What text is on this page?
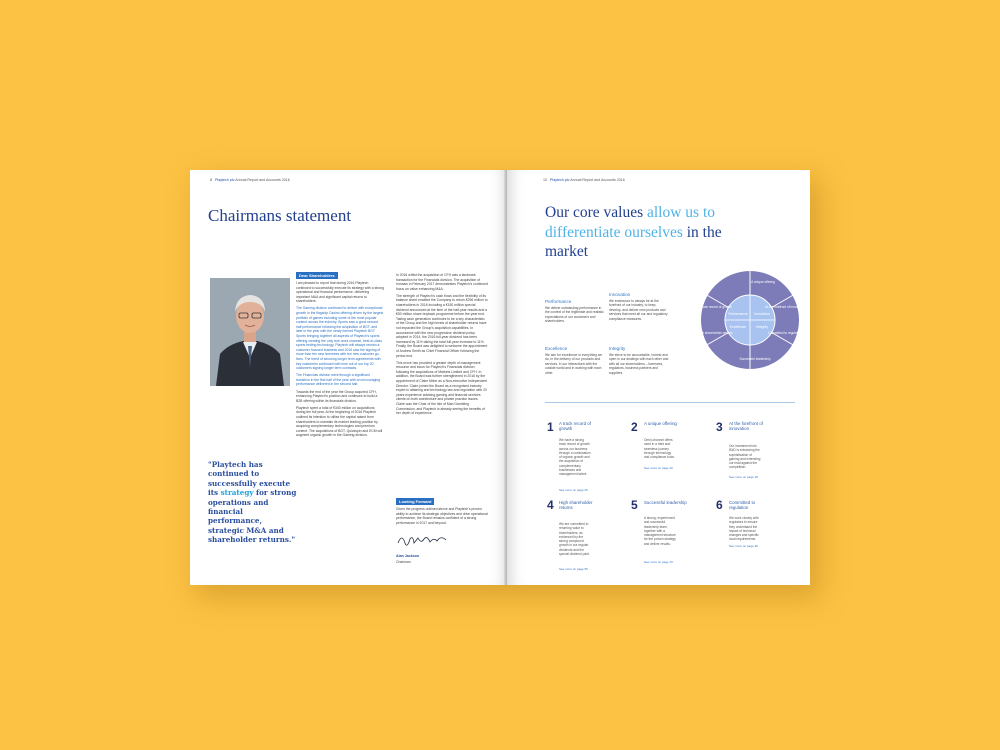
8 Playtech plc Annual Report and Accounts 2016
Chairmans statement
Dear Shareholders

I am pleased to report that during 2016 Playtech continued to successfully execute its strategy with a strong operational and financial performance, delivering important M&A and significant capital returns to shareholders.

The Gaming division continued to deliver with exceptional growth in the flagship Casino offering driven by the largest portfolio of games including some of the most popular content across the industry. Sports saw a good second half performance following the acquisition of BGT, and later in the year with the newly formed Playtech BGT Sports bringing together all aspects of Playtech's sports offering creating the only true omni-channel, best-in-class sports betting technology. Playtech will always remain a customer focused business and 2016 saw the signing of more than ten new licensees with ten new customer go-lives. The trend of securing longer term agreements with key customers continued with nine out of our top 20 customers signing longer term contracts.

The Financials division went through a significant transition in the first half of the year with an encouraging performance delivered in the second half.

Towards the end of the year the Group acquired CFH, enhancing Playtech's position and continues to build a B2B offering within its financials division.

Playtech spent a total of €340 million on acquisitions during the full year. At the beginning of 2016 Playtech outlined its intention to utilise the capital raised from shareholders to maintain its market leading position by acquiring complementary technologies and premium content. The acquisitions of BGT, Quickspin and ECM will augment organic growth in the Gaming division.

In 2016 whilst the acquisition of CFH was a landmark transaction for the Financials division. The acquisition of Ironsaw in February 2017 demonstrates Playtech's continued focus on value enhancing M&A.

The strength of Playtech's cash flows and the flexibility of its balance sheet enabled the Company to return €296 million to shareholders in 2016 including a €150 million special dividend announced at the time of the half-year results and a €50 million share buyback programme before the year end. Taking cash generation continues to be a key characteristic of the Group and the high levels of shareholder returns have not impacted the Group's acquisition capabilities. In accordance with the new progressive dividend policy adopted in 2014, the 2016 full-year dividend has been increased by 11% taking the total full-year increase to 11%. Finally, the Board was delighted to welcome the appointment of Andrew Smith as Chief Financial Officer following the period end.

This move has provided a greater depth of management resource and focus for Playtech's Financials division following the acquisitions of Markets Limited and CFH. In addition, the Board was further strengthened in 2016 by the appointment of Claire Milne as a Non-executive Independent Director. Claire joined the Board as a recognised industry expert in attaining and technology law and regulation with 20 years experience advising gaming and financial services clients on both architecture and private practice issues. Claire was the Chair of the Isle of Man Gambling Commission, and Playtech is already seeing the benefits of her depth of experience.

Looking Forward
Given the progress outlined above and Playtech's proven ability to achieve its strategic objectives and drive operational performance, the Board remains confident of a strong performance in 2017 and beyond.
Alan Jackson
Chairman
"Playtech has continued to successfully execute its strategy for strong operations and financial performance, strategic M&A and shareholder returns."
10 Playtech plc Annual Report and Accounts 2016
Our core values allow us to differentiate ourselves in the market
Performance
We deliver outstanding performance in the context of the legitimate and realistic expectations of our customers and shareholders.
Innovation
We endeavour to always be at the forefront of our industry, to keep, develop, and deliver new products and services that meet all our and regulatory compliance measures.
Excellence
We aim for excellence in everything we do, in the delivery of our products and services, in our interactions with the outside world and in working with each other.
Integrity
We strive to be accountable, honest and open in our dealings with each other and with all our shareholders – licensees, regulators, business partners and suppliers.
Performance Innovation
Excellence	Integrity
A unique offering
At the forefront of innovation
Committed to regulation
Successful leadership
High shareholder returns
A track record of growth
1 A track record of growth
We have a strong track record of growth across our business through a combination of organic growth and the acquisition of complementary businesses and management talent.
See more on page 26
2 A unique offering
Omni-channel offers used in a tried and seamless journey through technology and compliance tools.
See more on page 16
3 At the forefront of innovation
Our investment into R&D is enhancing the sophistication of gaming and extending our lead against the competition.
See more on page 18
4 High shareholder returns
We are committed to returning value to shareholders, as evidenced by the strong compound growth in our regular dividends and the special dividend paid.
See more on page 56
5 Successful leadership
A strong, experienced and successful leadership team, together with a management structure for the proven strategy and deliver results.
See more on page 70
6 Committed to regulation
We work closely with regulators to ensure they understand the impact of technical changes and specific local requirements.
See more on page 36
